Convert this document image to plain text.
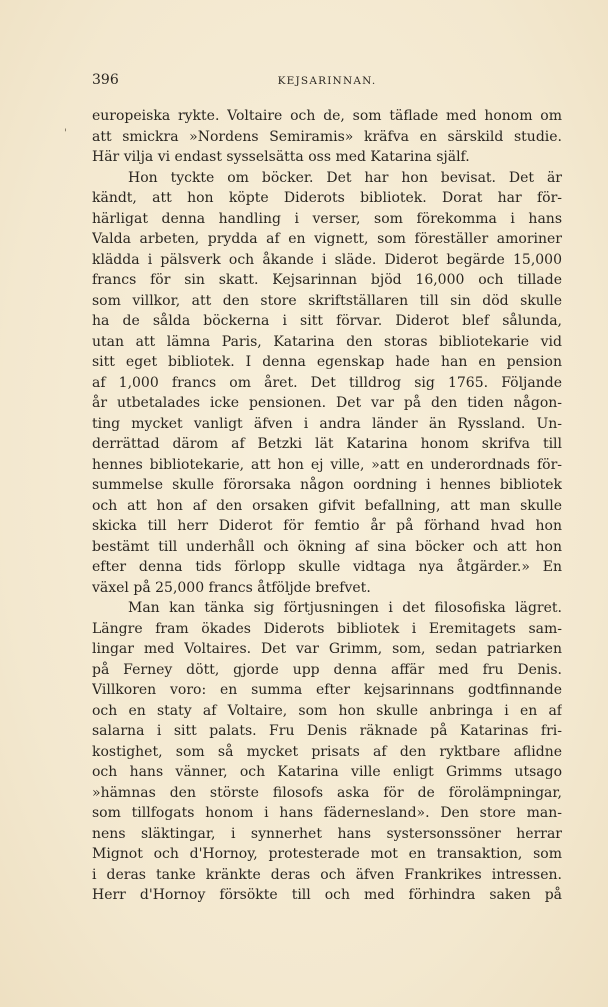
'
396	KEJSARINNAN.
europeiska rykte. Voltaire och de, som täflade med honom om
att smickra »Nordens Semiramis» kräfva en särskild studie.
Här vilja vi endast sysselsätta oss med Katarina själf.
Hon tyckte om böcker. Det har hon bevisat. Det är
kändt, att hon köpte Diderots bibliotek. Dorat har för-
härligat denna handling i verser, som förekomma i hans
Valda arbeten, prydda af en vignett, som föreställer amoriner
klädda i pälsverk och åkande i släde. Diderot begärde 15,000
francs för sin skatt. Kejsarinnan bjöd 16,000 och tillade
som villkor, att den store skriftställaren till sin död skulle
ha de sålda böckerna i sitt förvar. Diderot blef sålunda,
utan att lämna Paris, Katarina den storas bibliotekarie vid
sitt eget bibliotek. I denna egenskap hade han en pension
af 1,000 francs om året. Det tilldrog sig 1765. Följande
år utbetalades icke pensionen. Det var på den tiden någon-
ting mycket vanligt äfven i andra länder än Ryssland. Un-
derrättad därom af Betzki lät Katarina honom skrifva till
hennes bibliotekarie, att hon ej ville, »att en underordnads för-
summelse skulle förorsaka någon oordning i hennes bibliotek
och att hon af den orsaken gifvit befallning, att man skulle
skicka till herr Diderot för femtio år på förhand hvad hon
bestämt till underhåll och ökning af sina böcker och att hon
efter denna tids förlopp skulle vidtaga nya åtgärder.» En
växel på 25,000 francs åtföljde brefvet.
Man kan tänka sig förtjusningen i det filosofiska lägret.
Längre fram ökades Diderots bibliotek i Eremitagets sam-
lingar med Voltaires. Det var Grimm, som, sedan patriarken
på Ferney dött, gjorde upp denna affär med fru Denis.
Villkoren voro: en summa efter kejsarinnans godtfinnande
och en staty af Voltaire, som hon skulle anbringa i en af
salarna i sitt palats. Fru Denis räknade på Katarinas fri-
kostighet, som så mycket prisats af den ryktbare aflidne
och hans vänner, och Katarina ville enligt Grimms utsago
»hämnas den störste filosofs aska för de förolämpningar,
som tillfogats honom i hans fädernesland». Den store man-
nens släktingar, i synnerhet hans systersonssöner herrar
Mignot och d'Hornoy, protesterade mot en transaktion, som
i deras tanke kränkte deras och äfven Frankrikes intressen.
Herr d'Hornoy försökte till och med förhindra saken på
